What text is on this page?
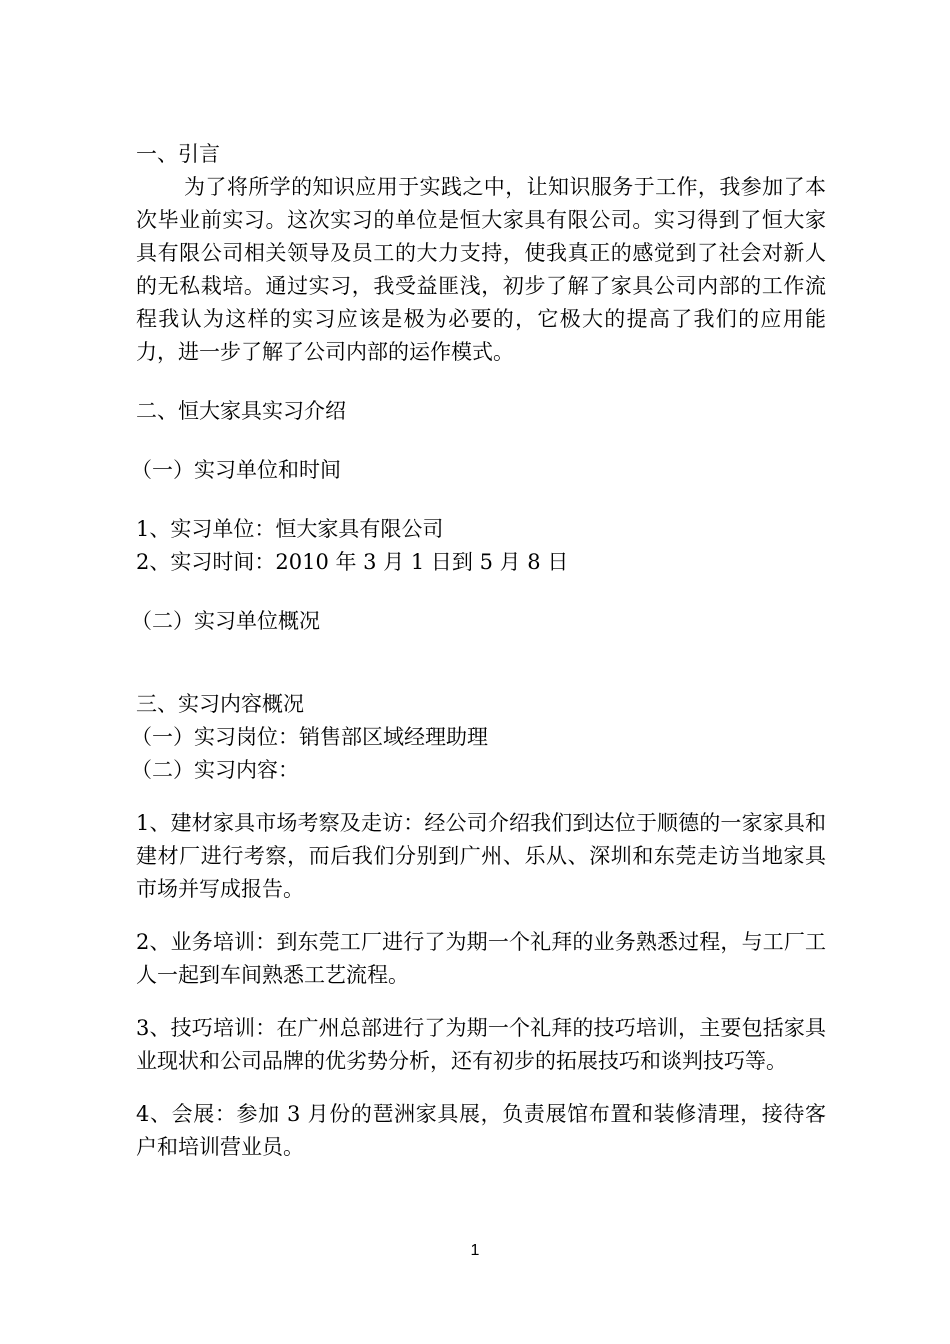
一、引言

为了将所学的知识应用于实践之中，让知识服务于工作，我参加了本次毕业前实习。这次实习的单位是恒大家具有限公司。实习得到了恒大家具有限公司相关领导及员工的大力支持，使我真正的感觉到了社会对新人的无私栽培。通过实习，我受益匪浅，初步了解了家具公司内部的工作流程我认为这样的实习应该是极为必要的，它极大的提高了我们的应用能力，进一步了解了公司内部的运作模式。

二、恒大家具实习介绍

（一）实习单位和时间

1、实习单位：恒大家具有限公司

2、实习时间：2010 年 3 月 1 日到 5 月 8 日

（二）实习单位概况

三、实习内容概况

（一）实习岗位：销售部区域经理助理

（二）实习内容：

1、建材家具市场考察及走访：经公司介绍我们到达位于顺德的一家家具和建材厂进行考察，而后我们分别到广州、乐从、深圳和东莞走访当地家具市场并写成报告。

2、业务培训：到东莞工厂进行了为期一个礼拜的业务熟悉过程，与工厂工人一起到车间熟悉工艺流程。

3、技巧培训：在广州总部进行了为期一个礼拜的技巧培训，主要包括家具业现状和公司品牌的优劣势分析，还有初步的拓展技巧和谈判技巧等。

4、会展：参加 3 月份的琶洲家具展，负责展馆布置和装修清理，接待客户和培训营业员。

1
